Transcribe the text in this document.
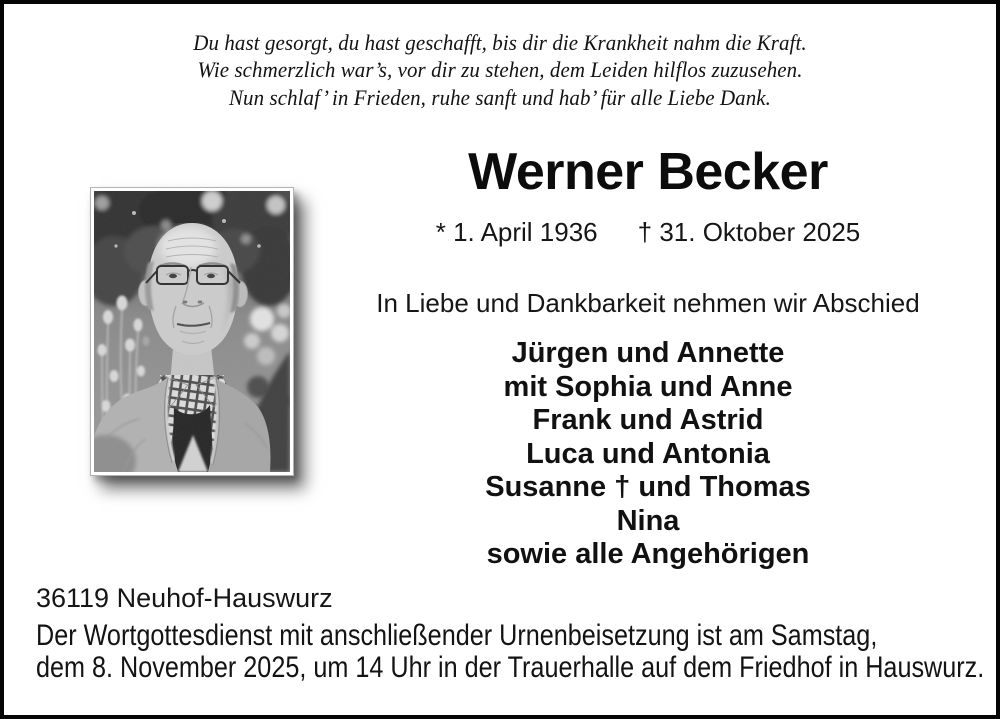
Du hast gesorgt, du hast geschafft, bis dir die Krankheit nahm die Kraft.
Wie schmerzlich war’s, vor dir zu stehen, dem Leiden hilflos zuzusehen.
Nun schlaf’ in Frieden, ruhe sanft und hab’ für alle Liebe Dank.
Werner Becker
* 1. April 1936 † 31. Oktober 2025
In Liebe und Dankbarkeit nehmen wir Abschied
Jürgen und Annette
mit Sophia und Anne
Frank und Astrid
Luca und Antonia
Susanne † und Thomas
Nina
sowie alle Angehörigen
36119 Neuhof-Hauswurz
Der Wortgottesdienst mit anschließender Urnenbeisetzung ist am Samstag,
dem 8. November 2025, um 14 Uhr in der Trauerhalle auf dem Friedhof in Hauswurz.
